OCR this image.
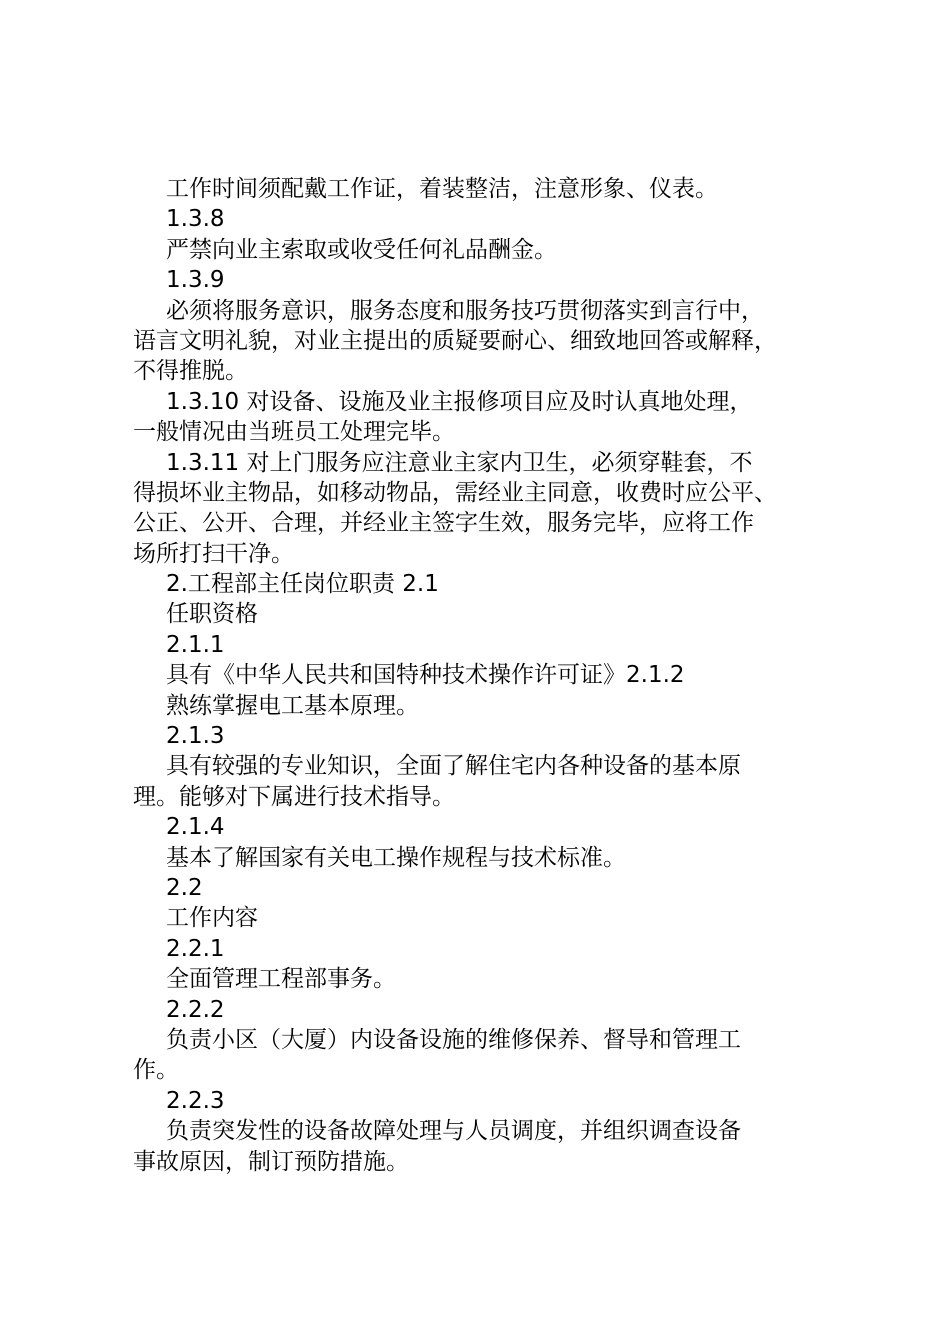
工作时间须配戴工作证，着装整洁，注意形象、仪表。
1.3.8
严禁向业主索取或收受任何礼品酬金。
1.3.9
必须将服务意识，服务态度和服务技巧贯彻落实到言行中，
语言文明礼貌，对业主提出的质疑要耐心、细致地回答或解释，
不得推脱。
1.3.10 对设备、设施及业主报修项目应及时认真地处理，
一般情况由当班员工处理完毕。
1.3.11 对上门服务应注意业主家内卫生，必须穿鞋套，不
得损坏业主物品，如移动物品，需经业主同意，收费时应公平、
公正、公开、合理，并经业主签字生效，服务完毕，应将工作
场所打扫干净。
2.工程部主任岗位职责 2.1
任职资格
2.1.1
具有《中华人民共和国特种技术操作许可证》2.1.2
熟练掌握电工基本原理。
2.1.3
具有较强的专业知识，全面了解住宅内各种设备的基本原
理。能够对下属进行技术指导。
2.1.4
基本了解国家有关电工操作规程与技术标准。
2.2
工作内容
2.2.1
全面管理工程部事务。
2.2.2
负责小区（大厦）内设备设施的维修保养、督导和管理工
作。
2.2.3
负责突发性的设备故障处理与人员调度，并组织调查设备
事故原因，制订预防措施。
